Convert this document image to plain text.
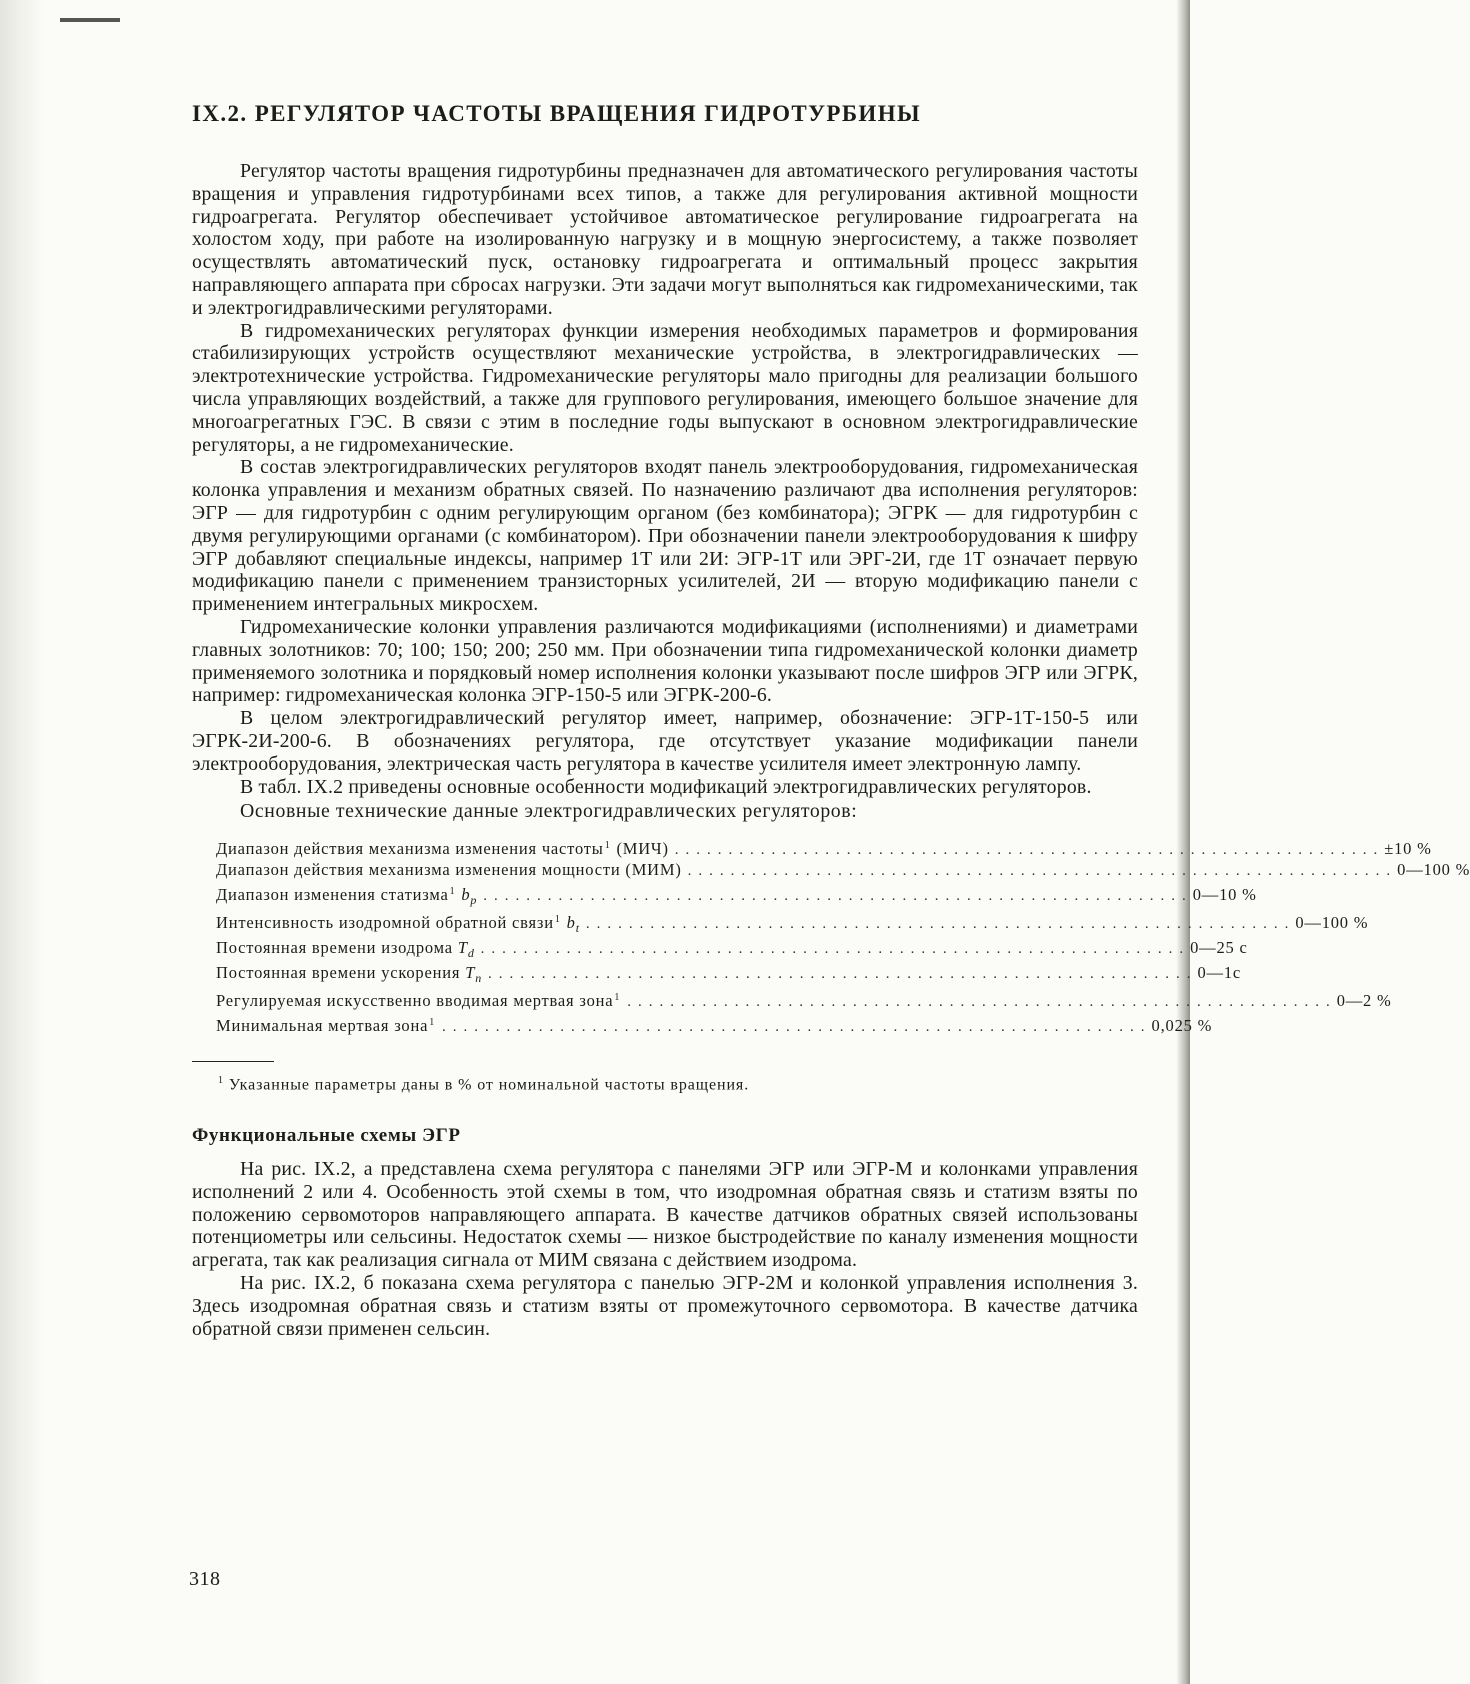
IX.2. РЕГУЛЯТОР ЧАСТОТЫ ВРАЩЕНИЯ ГИДРОТУРБИНЫ

Регулятор частоты вращения гидротурбины предназначен для автоматического регулирования частоты вращения и управления гидротурбинами всех типов, а также для регулирования активной мощности гидроагрегата. Регулятор обеспечивает устойчивое автоматическое регулирование гидроагрегата на холостом ходу, при работе на изолированную нагрузку и в мощную энергосистему, а также позволяет осуществлять автоматический пуск, остановку гидроагрегата и оптимальный процесс закрытия направляющего аппарата при сбросах нагрузки. Эти задачи могут выполняться как гидромеханическими, так и электрогидравлическими регуляторами.

В гидромеханических регуляторах функции измерения необходимых параметров и формирования стабилизирующих устройств осуществляют механические устройства, в электрогидравлических — электротехнические устройства. Гидромеханические регуляторы мало пригодны для реализации большого числа управляющих воздействий, а также для группового регулирования, имеющего большое значение для многоагрегатных ГЭС. В связи с этим в последние годы выпускают в основном электрогидравлические регуляторы, а не гидромеханические.

В состав электрогидравлических регуляторов входят панель электрооборудования, гидромеханическая колонка управления и механизм обратных связей. По назначению различают два исполнения регуляторов: ЭГР — для гидротурбин с одним регулирующим органом (без комбинатора); ЭГРК — для гидротурбин с двумя регулирующими органами (с комбинатором). При обозначении панели электрооборудования к шифру ЭГР добавляют специальные индексы, например 1Т или 2И: ЭГР-1Т или ЭРГ-2И, где 1Т означает первую модификацию панели с применением транзисторных усилителей, 2И — вторую модификацию панели с применением интегральных микросхем.

Гидромеханические колонки управления различаются модификациями (исполнениями) и диаметрами главных золотников: 70; 100; 150; 200; 250 мм. При обозначении типа гидромеханической колонки диаметр применяемого золотника и порядковый номер исполнения колонки указывают после шифров ЭГР или ЭГРК, например: гидромеханическая колонка ЭГР-150-5 или ЭГРК-200-6.

В целом электрогидравлический регулятор имеет, например, обозначение: ЭГР-1Т-150-5 или ЭГРК-2И-200-6. В обозначениях регулятора, где отсутствует указание модификации панели электрооборудования, электрическая часть регулятора в качестве усилителя имеет электронную лампу.

В табл. IX.2 приведены основные особенности модификаций электрогидравлических регуляторов.

Основные технические данные электрогидравлических регуляторов:
Диапазон действия механизма изменения частоты$^1$ (МИЧ) .................................................................. ±10 %
Диапазон действия механизма изменения мощности (МИМ) .................................................................. 0—100 %
Диапазон изменения статизма$^1$ $b_p$ .................................................................. 0—10 %
Интенсивность изодромной обратной связи$^1$ $b_t$ .................................................................. 0—100 %
Постоянная времени изодрома $T_d$ .................................................................. 0—25 с
Постоянная времени ускорения $T_n$ .................................................................. 0—1с
Регулируемая искусственно вводимая мертвая зона$^1$ .................................................................. 0—2 %
Минимальная мертвая зона$^1$ .................................................................. 0,025 %
$^1$ Указанные параметры даны в % от номинальной частоты вращения.
Функциональные схемы ЭГР

На рис. IX.2, а представлена схема регулятора с панелями ЭГР или ЭГР-М и колонками управления исполнений 2 или 4. Особенность этой схемы в том, что изодромная обратная связь и статизм взяты по положению сервомоторов направляющего аппарата. В качестве датчиков обратных связей использованы потенциометры или сельсины. Недостаток схемы — низкое быстродействие по каналу изменения мощности агрегата, так как реализация сигнала от МИМ связана с действием изодрома.

На рис. IX.2, б показана схема регулятора с панелью ЭГР-2М и колонкой управления исполнения 3. Здесь изодромная обратная связь и статизм взяты от промежуточного сервомотора. В качестве датчика обратной связи применен сельсин.

318
